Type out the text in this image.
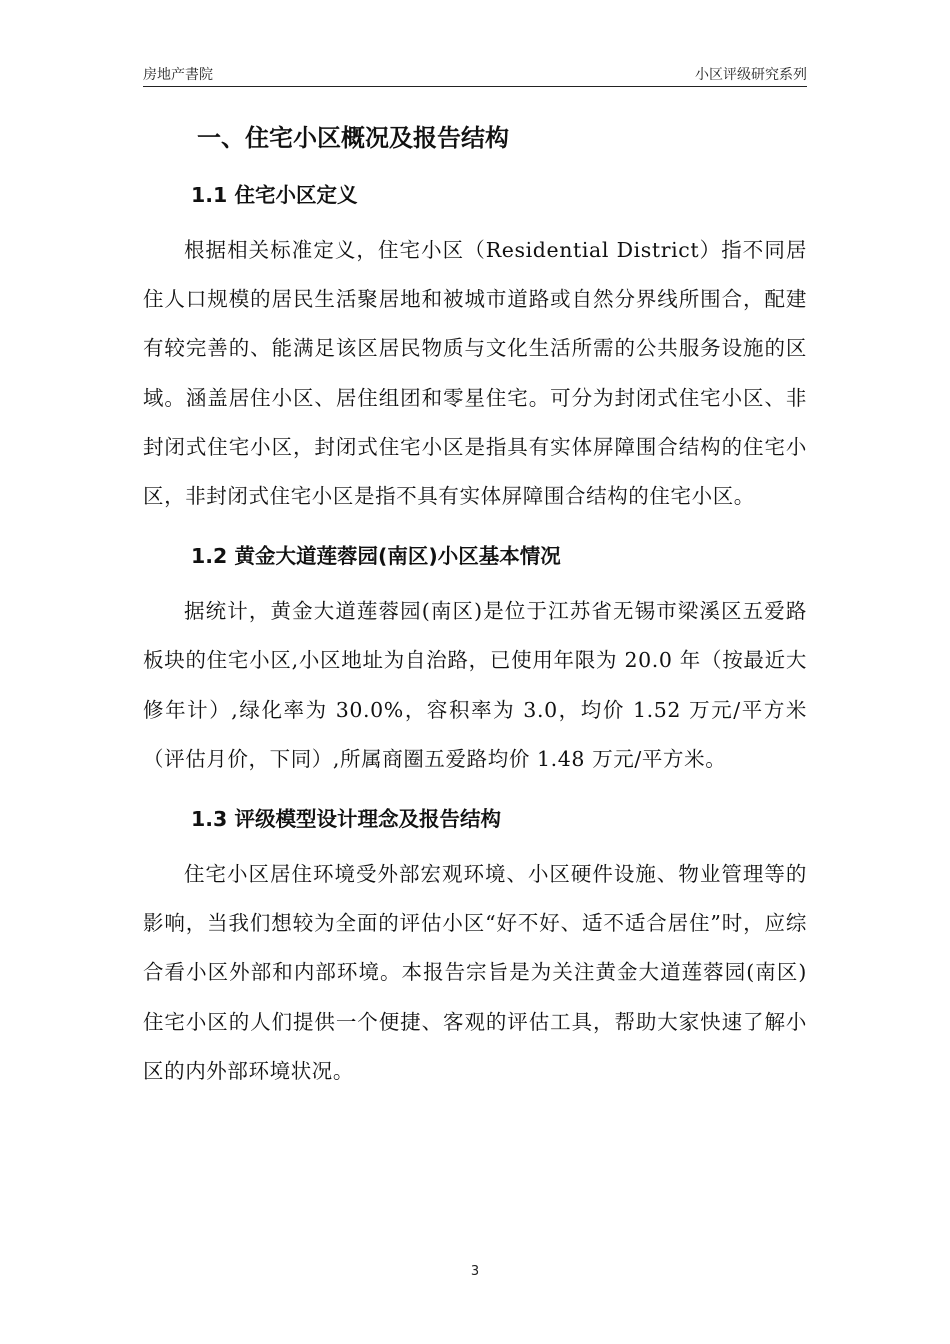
房地产書院	小区评级研究系列
一、住宅小区概况及报告结构
1.1 住宅小区定义

根据相关标准定义，住宅小区（Residential District）指不同居住人口规模的居民生活聚居地和被城市道路或自然分界线所围合，配建有较完善的、能满足该区居民物质与文化生活所需的公共服务设施的区域。涵盖居住小区、居住组团和零星住宅。可分为封闭式住宅小区、非封闭式住宅小区，封闭式住宅小区是指具有实体屏障围合结构的住宅小区，非封闭式住宅小区是指不具有实体屏障围合结构的住宅小区。

1.2 黄金大道莲蓉园(南区)小区基本情况

据统计，黄金大道莲蓉园(南区)是位于江苏省无锡市梁溪区五爱路板块的住宅小区,小区地址为自治路，已使用年限为 20.0 年（按最近大修年计）,绿化率为 30.0%，容积率为 3.0，均价 1.52 万元/平方米（评估月价，下同）,所属商圈五爱路均价 1.48 万元/平方米。

1.3 评级模型设计理念及报告结构

住宅小区居住环境受外部宏观环境、小区硬件设施、物业管理等的影响，当我们想较为全面的评估小区“好不好、适不适合居住”时，应综合看小区外部和内部环境。本报告宗旨是为关注黄金大道莲蓉园(南区)住宅小区的人们提供一个便捷、客观的评估工具，帮助大家快速了解小区的内外部环境状况。

3
